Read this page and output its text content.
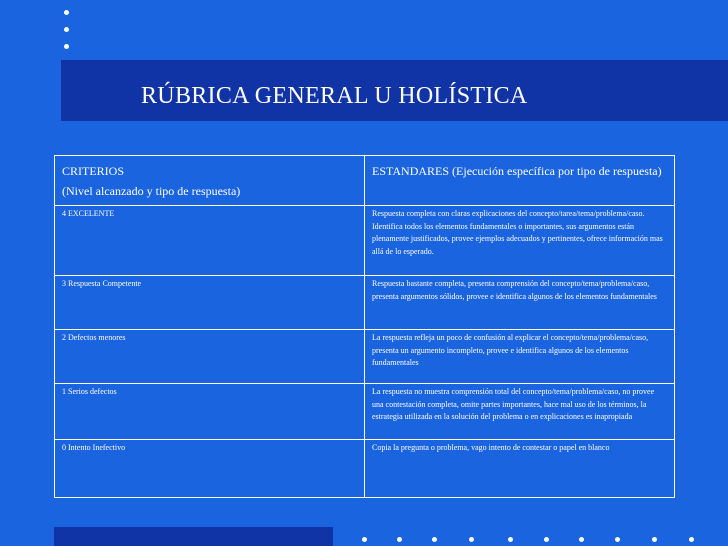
RÚBRICA GENERAL U HOLÍSTICA
CRITERIOS
(Nivel alcanzado y tipo de respuesta)	ESTANDARES (Ejecución específica por tipo de respuesta)
4 EXCELENTE	Respuesta completa con claras explicaciones del concepto/tarea/tema/problema/caso. Identifica todos los elementos fundamentales o importantes, sus argumentos están plenamente justificados, provee ejemplos adecuados y pertinentes, ofrece información mas allá de lo esperado.
3 Respuesta Competente	Respuesta bastante completa, presenta comprensión del concepto/tema/problema/caso, presenta argumentos sólidos, provee e identifica algunos de los elementos fundamentales
2 Defectos menores	La respuesta refleja un poco de confusión al explicar el concepto/tema/problema/caso, presenta un argumento incompleto, provee e identifica algunos de los elementos fundamentales
1 Serios defectos	La respuesta no muestra comprensión total del concepto/tema/problema/caso, no provee una contestación completa, omite partes importantes, hace mal uso de los términos, la estrategia utilizada en la solución del problema o en explicaciones es inapropiada
0 Intento Inefectivo	Copia la pregunta o problema, vago intento de contestar o papel en blanco
